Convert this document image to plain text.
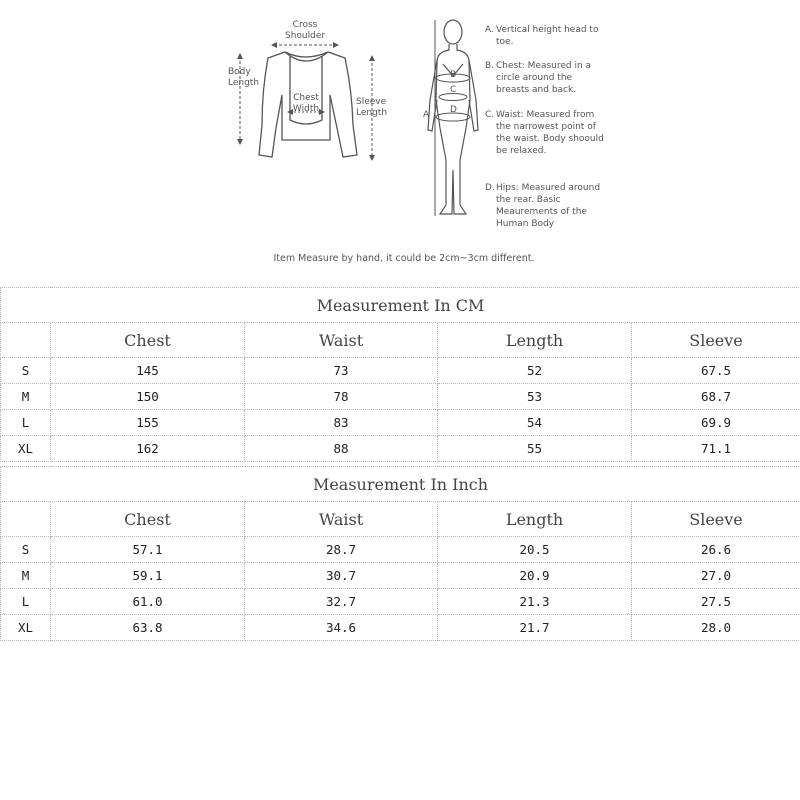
Cross
Shoulder
Body
Length
Chest
Width
Sleeve
Length	A
B
C
D
A. Vertical height head to toe.
B. Chest: Measured in a circle around the breasts and back.
C. Waist: Measured from the narrowest point of the waist. Body shoould be relaxed.
D. Hips: Measured around the rear. Basic Meaurements of the Human Body
Item Measure by hand, it could be 2cm~3cm different.
Measurement In CM				
	Chest	Waist	Length	Sleeve
S	145	73	52	67.5
M	150	78	53	68.7
L	155	83	54	69.9
XL	162	88	55	71.1
Measurement In Inch				
	Chest	Waist	Length	Sleeve
S	57.1	28.7	20.5	26.6
M	59.1	30.7	20.9	27.0
L	61.0	32.7	21.3	27.5
XL	63.8	34.6	21.7	28.0
